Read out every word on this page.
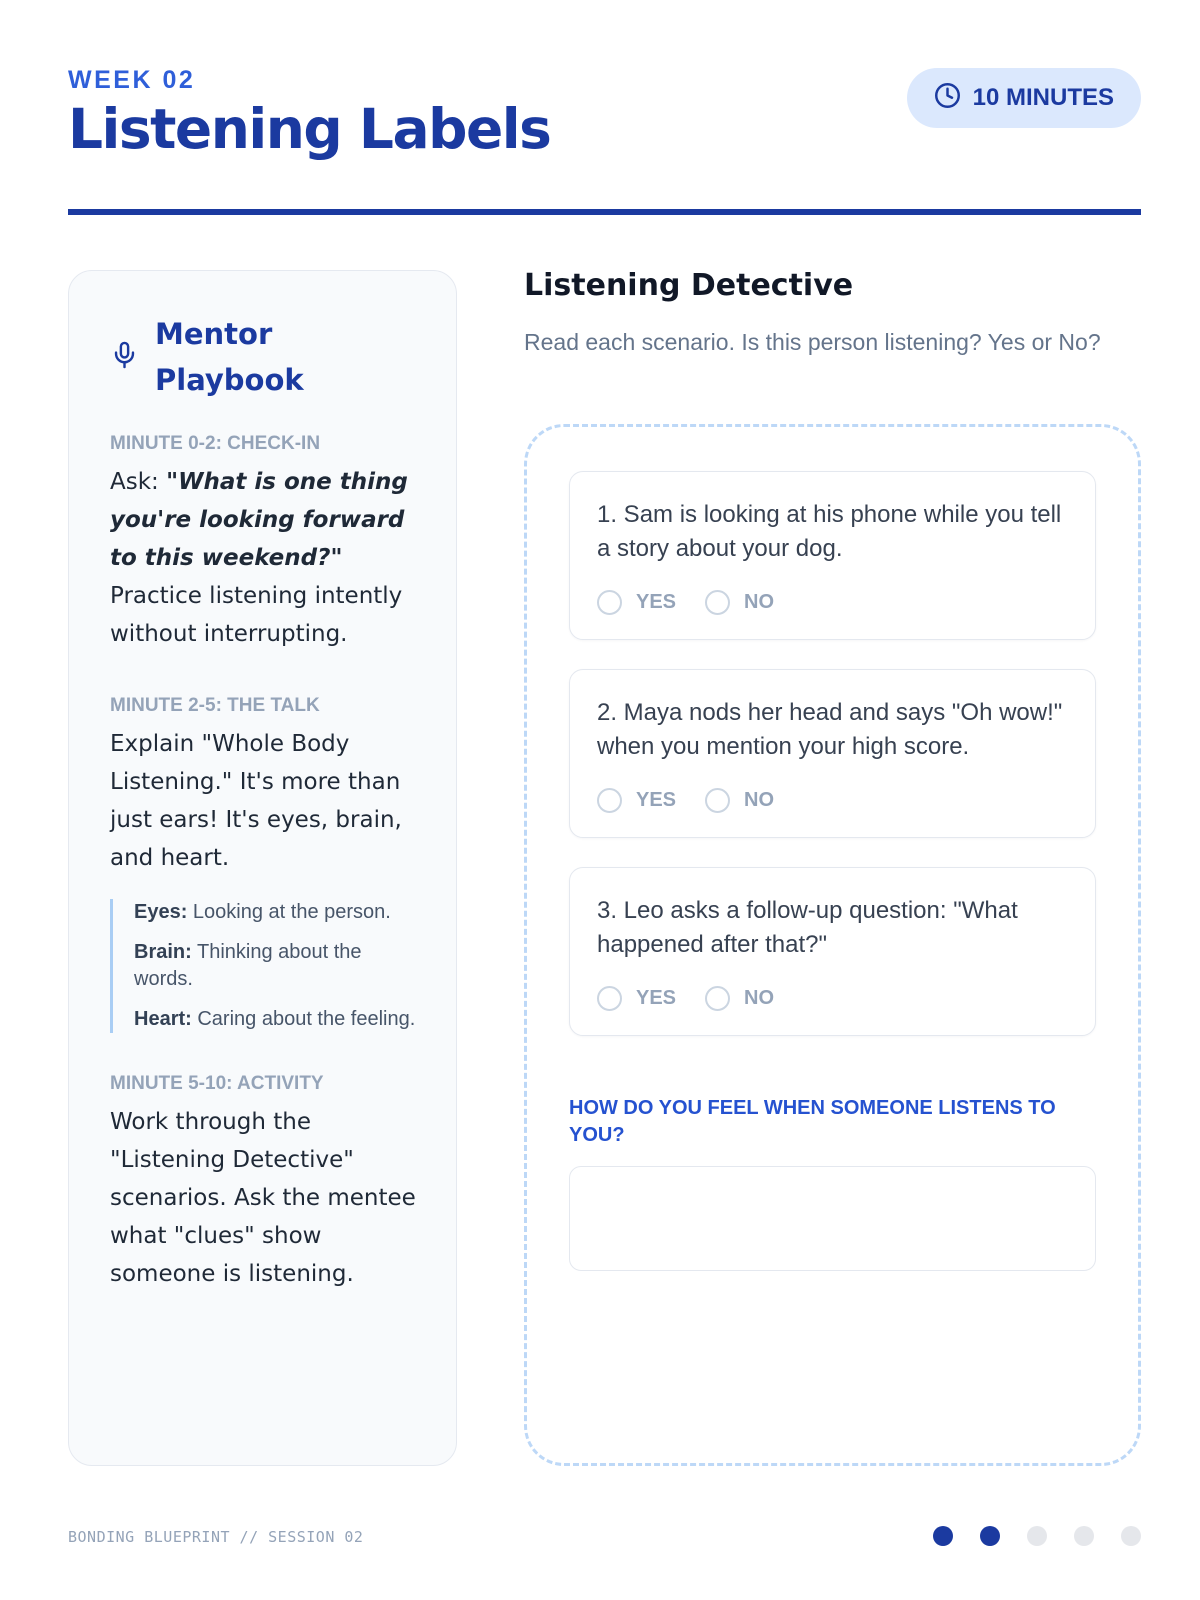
WEEK 02
Listening Labels	10 MINUTES
Mentor
Playbook
MINUTE 0-2: CHECK-IN
Ask: "What is one thing you're looking forward to this weekend?" Practice listening intently without interrupting.
MINUTE 2-5: THE TALK
Explain "Whole Body Listening." It's more than just ears! It's eyes, brain, and heart.
Eyes: Looking at the person.
Brain: Thinking about the words.
Heart: Caring about the feeling.
MINUTE 5-10: ACTIVITY
Work through the "Listening Detective" scenarios. Ask the mentee what "clues" show someone is listening.
Listening Detective
Read each scenario. Is this person listening? Yes or No?
1. Sam is looking at his phone while you tell a story about your dog.
YES	NO
2. Maya nods her head and says "Oh wow!" when you mention your high score.
YES	NO
3. Leo asks a follow-up question: "What happened after that?"
YES	NO
HOW DO YOU FEEL WHEN SOMEONE LISTENS TO YOU?
BONDING BLUEPRINT // SESSION 02
